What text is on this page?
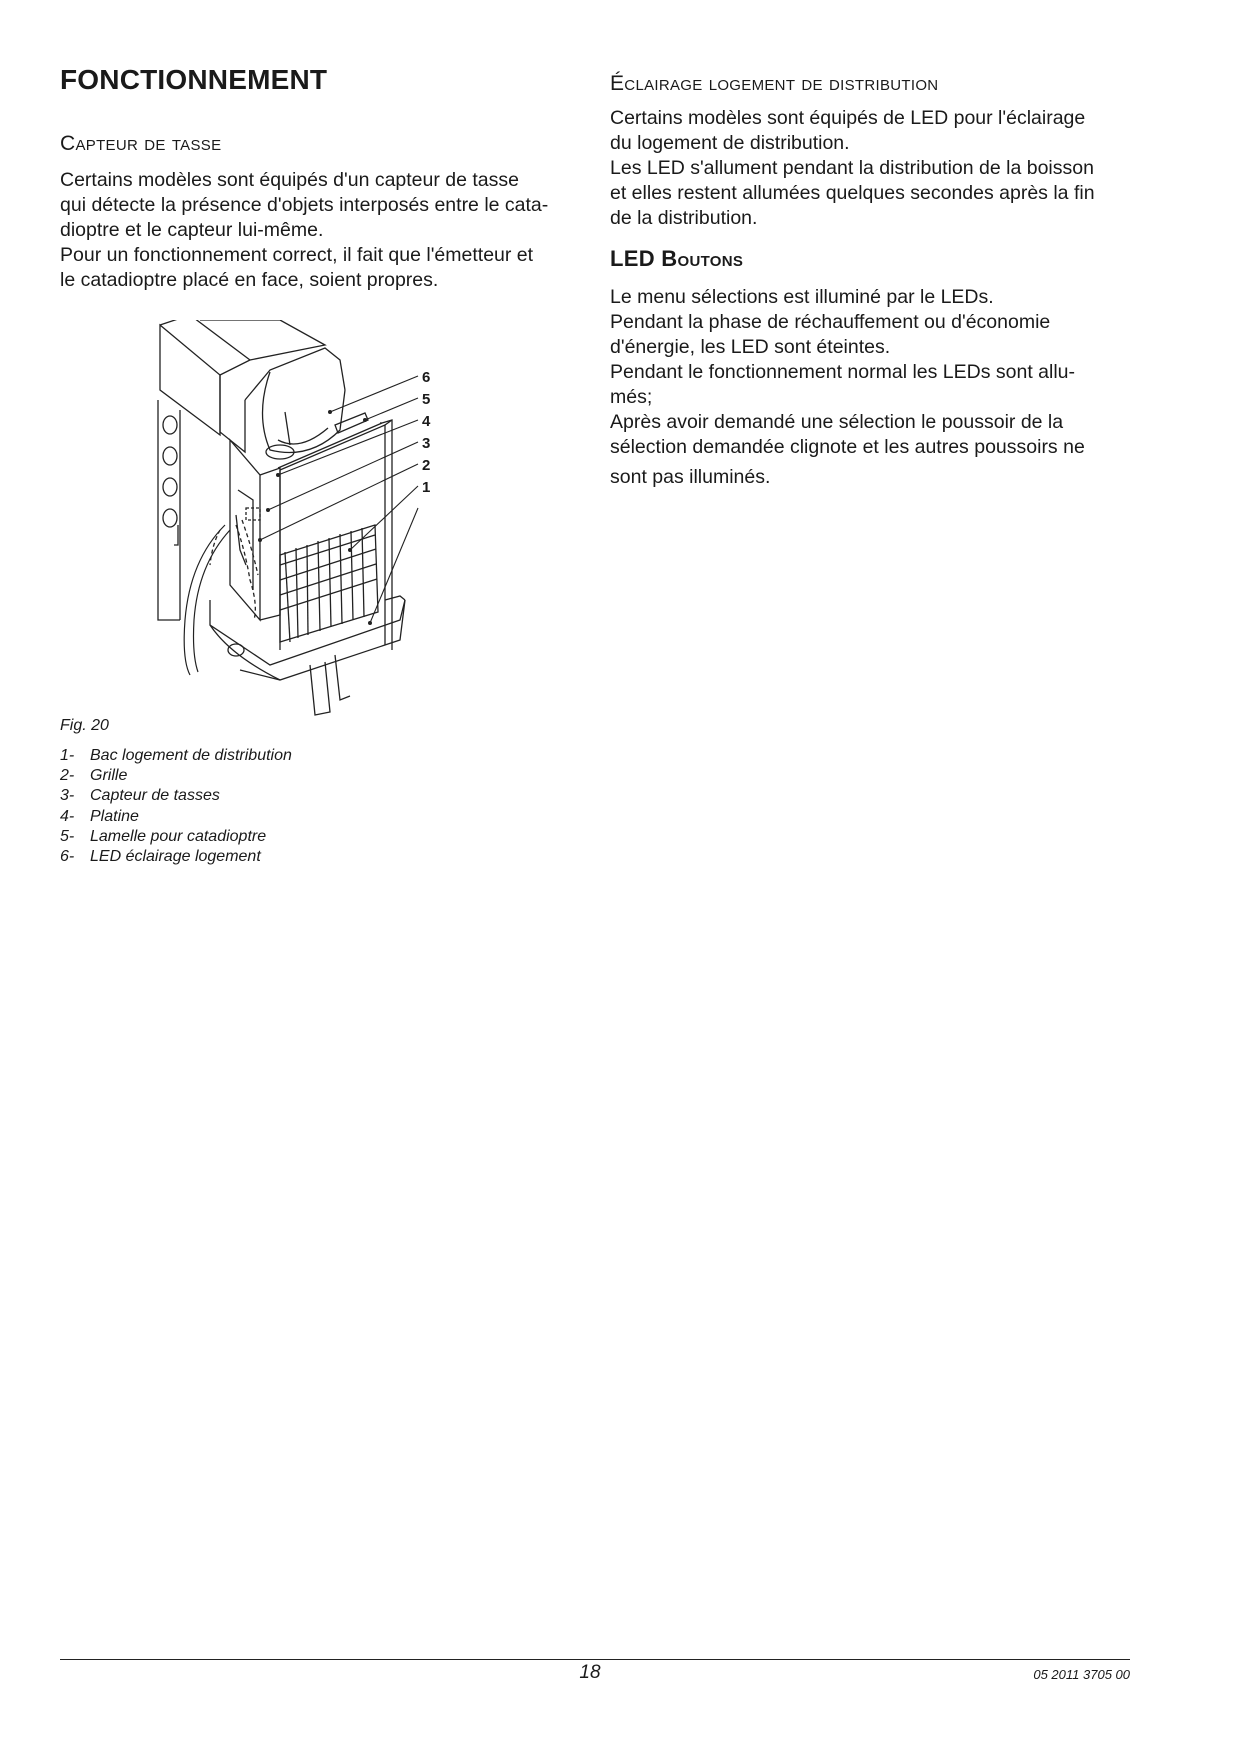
FONCTIONNEMENT
Capteur de tasse

Certains modèles sont équipés d'un capteur de tasse
qui détecte la présence d'objets interposés entre le cata-
dioptre et le capteur lui-même.
Pour un fonctionnement correct, il fait que l'émetteur et
le catadioptre placé en face, soient propres.

6
5
4
3
2
1

Fig. 20

1- Bac logement de distribution
2- Grille
3- Capteur de tasses
4- Platine
5- Lamelle pour catadioptre
6- LED éclairage logement
Éclairage logement de distribution

Certains modèles sont équipés de LED pour l'éclairage
du logement de distribution.
Les LED s'allument pendant la distribution de la boisson
et elles restent allumées quelques secondes après la fin
de la distribution.

LED Boutons

Le menu sélections est illuminé par le LEDs.
Pendant la phase de réchauffement ou d'économie
d'énergie, les LED sont éteintes.
Pendant le fonctionnement normal les LEDs sont allu-
més;
Après avoir demandé une sélection le poussoir de la
sélection demandée clignote et les autres poussoirs ne
sont pas illuminés.

18	05 2011 3705 00
